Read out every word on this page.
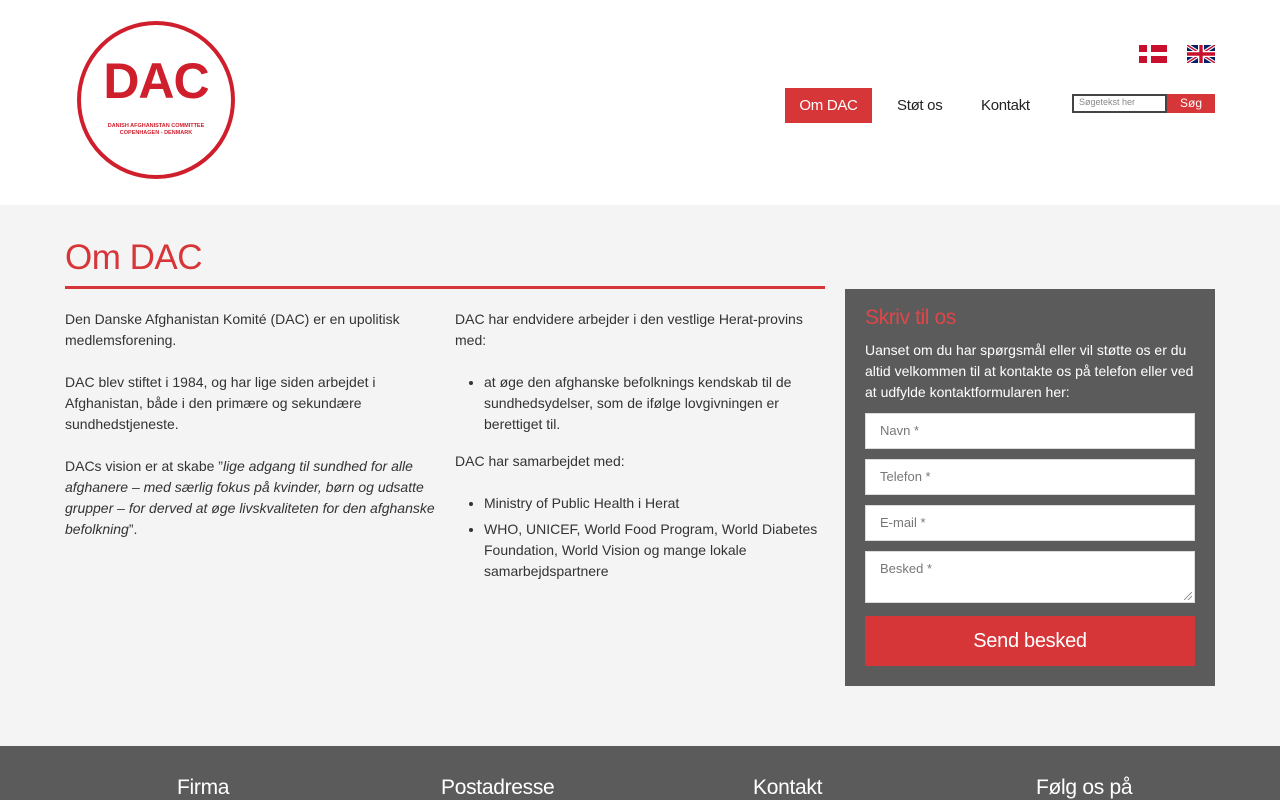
DAC
DANISH AFGHANISTAN COMMITTEE
COPENHAGEN - DENMARK
Om DAC	Støt os	Kontakt	Søgetekst her	Søg
Om DAC

Den Danske Afghanistan Komité (DAC) er en upolitisk medlemsforening.

DAC blev stiftet i 1984, og har lige siden arbejdet i Afghanistan, både i den primære og sekundære sundhedstjeneste.

DACs vision er at skabe ”lige adgang til sundhed for alle afghanere – med særlig fokus på kvinder, børn og udsatte grupper – for derved at øge livskvaliteten for den afghanske befolkning”.

DAC har endvidere arbejder i den vestlige Herat-provins med:

• at øge den afghanske befolknings kendskab til de sundhedsydelser, som de ifølge lovgivningen er berettiget til.

DAC har samarbejdet med:

• Ministry of Public Health i Herat
• WHO, UNICEF, World Food Program, World Diabetes Foundation, World Vision og mange lokale samarbejdspartnere
Skriv til os
Uanset om du har spørgsmål eller vil støtte os er du altid velkommen til at kontakte os på telefon eller ved at udfylde kontaktformularen her:
Navn *
Telefon *
E-mail *
Besked *
Send besked
Firma	Postadresse	Kontakt	Følg os på
